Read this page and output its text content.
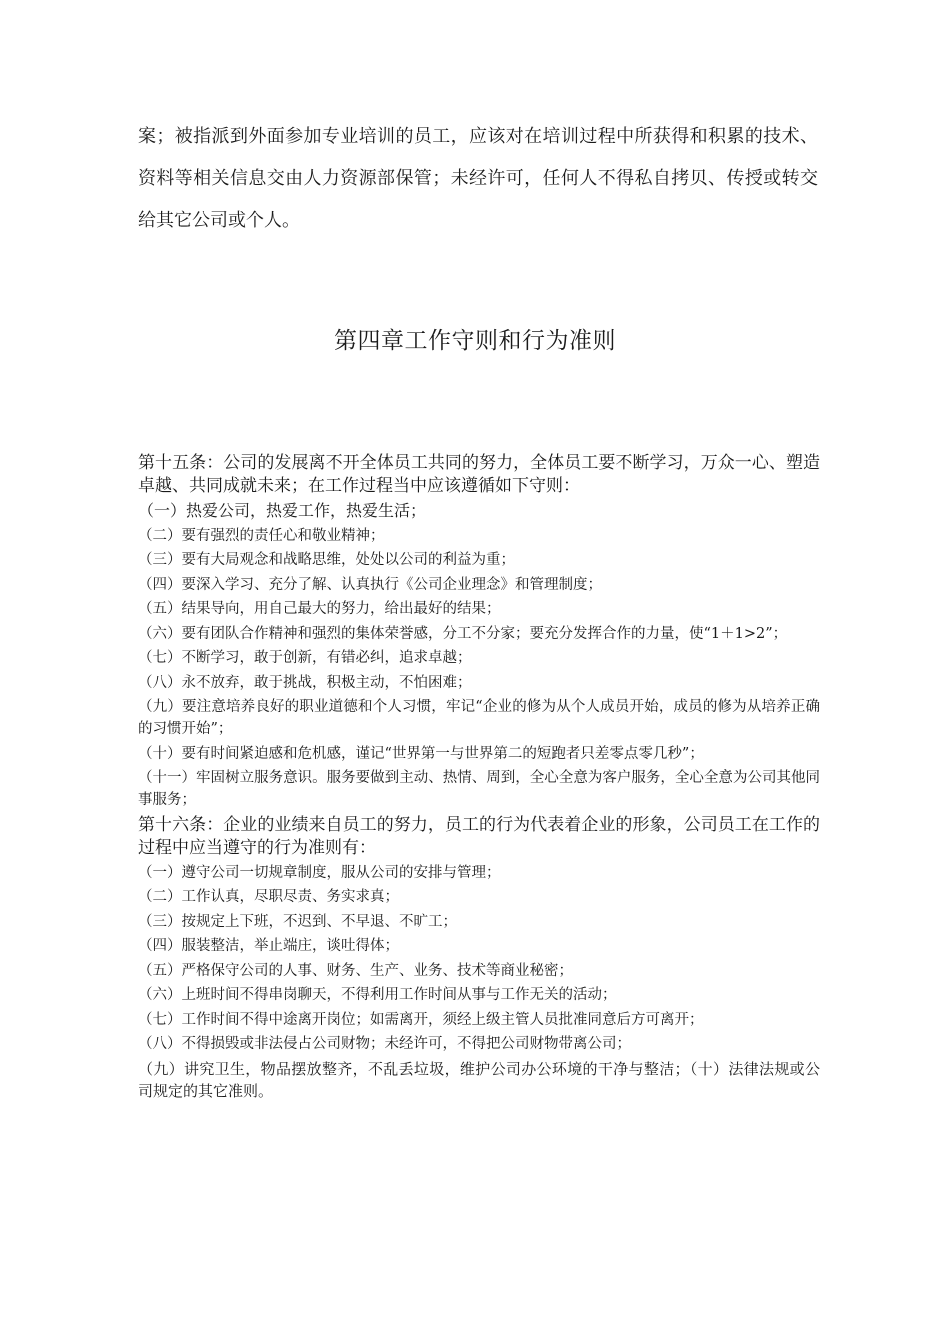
案；被指派到外面参加专业培训的员工，应该对在培训过程中所获得和积累的技术、资料等相关信息交由人力资源部保管；未经许可，任何人不得私自拷贝、传授或转交给其它公司或个人。

第四章工作守则和行为准则

第十五条：公司的发展离不开全体员工共同的努力，全体员工要不断学习，万众一心、塑造卓越、共同成就未来；在工作过程当中应该遵循如下守则：

（一）热爱公司，热爱工作，热爱生活；

（二）要有强烈的责任心和敬业精神；

（三）要有大局观念和战略思维，处处以公司的利益为重；

（四）要深入学习、充分了解、认真执行《公司企业理念》和管理制度；

（五）结果导向，用自己最大的努力，给出最好的结果；

（六）要有团队合作精神和强烈的集体荣誉感，分工不分家；要充分发挥合作的力量，使“1＋1>2”；

（七）不断学习，敢于创新，有错必纠，追求卓越；

（八）永不放弃，敢于挑战，积极主动，不怕困难；

（九）要注意培养良好的职业道德和个人习惯，牢记“企业的修为从个人成员开始，成员的修为从培养正确的习惯开始”；

（十）要有时间紧迫感和危机感，谨记“世界第一与世界第二的短跑者只差零点零几秒”；

（十一）牢固树立服务意识。服务要做到主动、热情、周到，全心全意为客户服务，全心全意为公司其他同事服务；

第十六条：企业的业绩来自员工的努力，员工的行为代表着企业的形象，公司员工在工作的过程中应当遵守的行为准则有：

（一）遵守公司一切规章制度，服从公司的安排与管理；

（二）工作认真，尽职尽责、务实求真；

（三）按规定上下班，不迟到、不早退、不旷工；

（四）服装整洁，举止端庄，谈吐得体；

（五）严格保守公司的人事、财务、生产、业务、技术等商业秘密；

（六）上班时间不得串岗聊天，不得利用工作时间从事与工作无关的活动；

（七）工作时间不得中途离开岗位；如需离开，须经上级主管人员批准同意后方可离开；

（八）不得损毁或非法侵占公司财物；未经许可，不得把公司财物带离公司；

（九）讲究卫生，物品摆放整齐，不乱丢垃圾，维护公司办公环境的干净与整洁；（十）法律法规或公司规定的其它准则。
